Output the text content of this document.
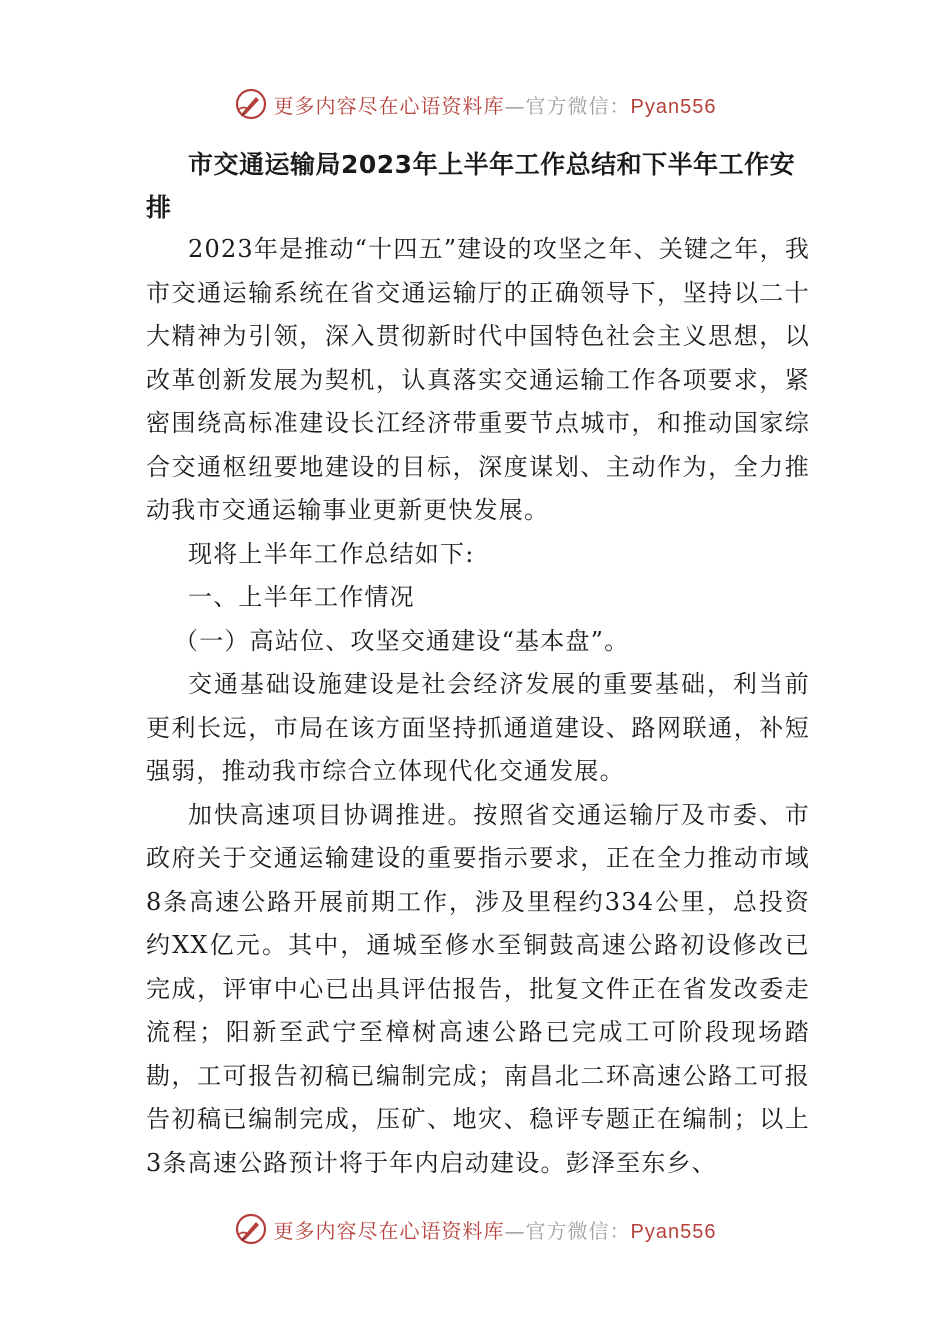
更多内容尽在心语资料库—官方微信：Pyan556
市交通运输局2023年上半年工作总结和下半年工作安排

2023年是推动“十四五”建设的攻坚之年、关键之年，我市交通运输系统在省交通运输厅的正确领导下，坚持以二十大精神为引领，深入贯彻新时代中国特色社会主义思想，以改革创新发展为契机，认真落实交通运输工作各项要求，紧密围绕高标准建设长江经济带重要节点城市，和推动国家综合交通枢纽要地建设的目标，深度谋划、主动作为，全力推动我市交通运输事业更新更快发展。

现将上半年工作总结如下:

一、上半年工作情况

（一）高站位、攻坚交通建设“基本盘”。

交通基础设施建设是社会经济发展的重要基础，利当前更利长远，市局在该方面坚持抓通道建设、路网联通，补短强弱，推动我市综合立体现代化交通发展。

加快高速项目协调推进。按照省交通运输厅及市委、市政府关于交通运输建设的重要指示要求，正在全力推动市域8条高速公路开展前期工作，涉及里程约334公里，总投资约XX亿元。其中，通城至修水至铜鼓高速公路初设修改已完成，评审中心已出具评估报告，批复文件正在省发改委走流程；阳新至武宁至樟树高速公路已完成工可阶段现场踏勘，工可报告初稿已编制完成；南昌北二环高速公路工可报告初稿已编制完成，压矿、地灾、稳评专题正在编制；以上3条高速公路预计将于年内启动建设。彭泽至东乡、

更多内容尽在心语资料库—官方微信：Pyan556
